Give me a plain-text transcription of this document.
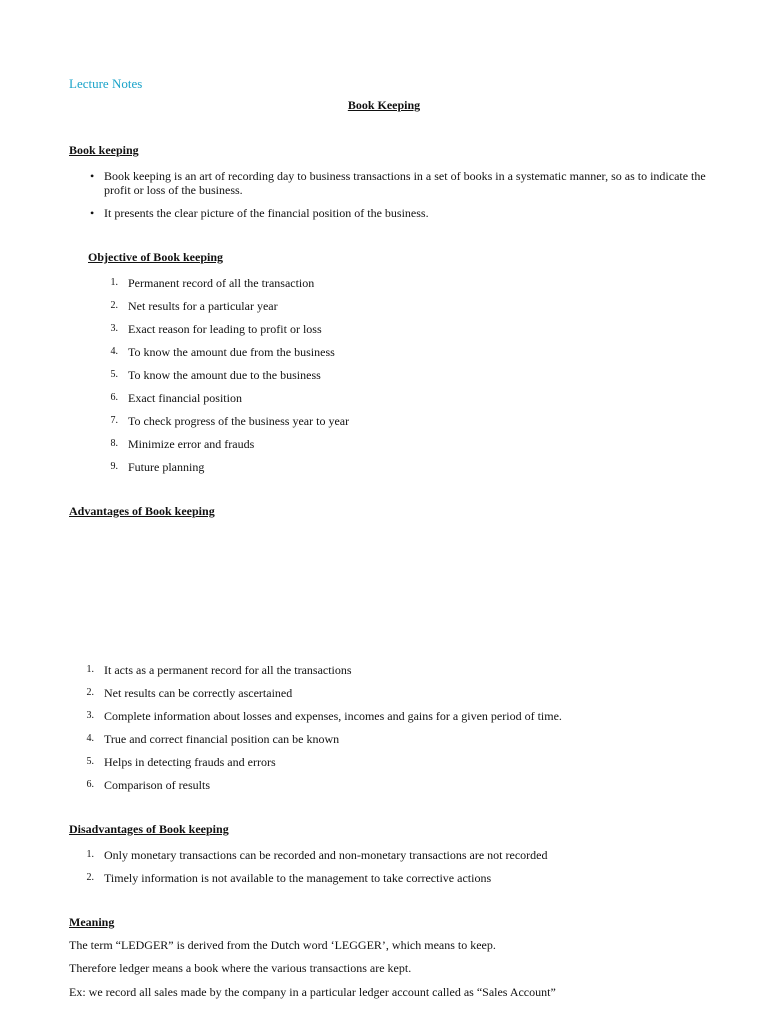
Lecture Notes
Book Keeping
Book keeping
• Book keeping is an art of recording day to business transactions in a set of books in a systematic manner, so as to indicate the profit or loss of the business.
• It presents the clear picture of the financial position of the business.
Objective of Book keeping
1. Permanent record of all the transaction
2. Net results for a particular year
3. Exact reason for leading to profit or loss
4. To know the amount due from the business
5. To know the amount due to the business
6. Exact financial position
7. To check progress of the business year to year
8. Minimize error and frauds
9. Future planning
Advantages of Book keeping
1. It acts as a permanent record for all the transactions
2. Net results can be correctly ascertained
3. Complete information about losses and expenses, incomes and gains for a given period of time.
4. True and correct financial position can be known
5. Helps in detecting frauds and errors
6. Comparison of results
Disadvantages of Book keeping
1. Only monetary transactions can be recorded and non-monetary transactions are not recorded
2. Timely information is not available to the management to take corrective actions
Meaning
The term “LEDGER” is derived from the Dutch word ‘LEGGER’, which means to keep.
Therefore ledger means a book where the various transactions are kept.
Ex: we record all sales made by the company in a particular ledger account called as “Sales Account”
